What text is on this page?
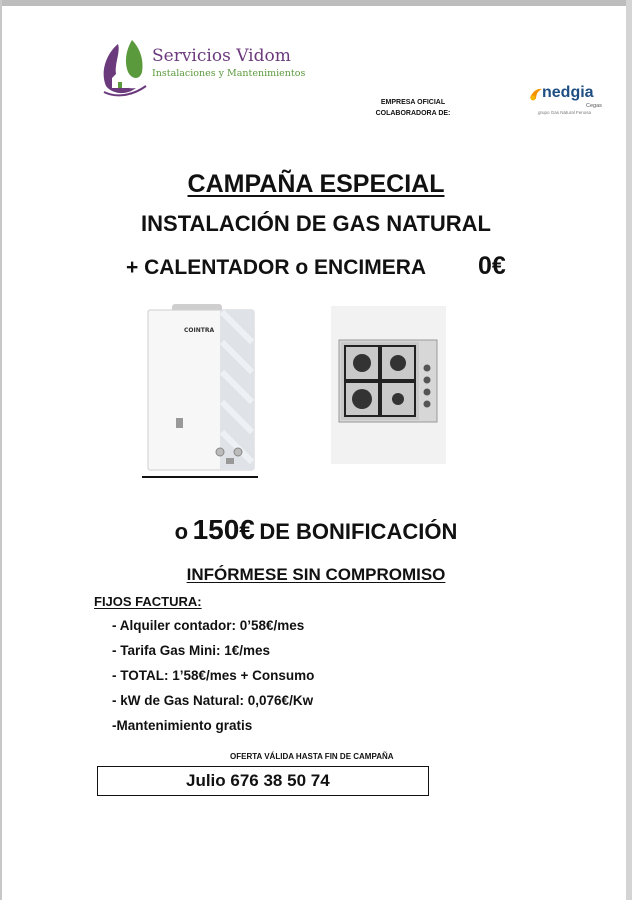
Servicios Vidom
Instalaciones y Mantenimientos
EMPRESA OFICIAL
COLABORADORA DE:
nedgia
Cegas
grupo Gas Natural Fenosa
CAMPAÑA ESPECIAL
INSTALACIÓN DE GAS NATURAL
+ CALENTADOR o ENCIMERA 0€
COINTRA
o 150€ DE BONIFICACIÓN
INFÓRMESE SIN COMPROMISO
FIJOS FACTURA:
- Alquiler contador: 0’58€/mes
- Tarifa Gas Mini: 1€/mes
- TOTAL: 1’58€/mes + Consumo
- kW de Gas Natural: 0,076€/Kw
-Mantenimiento gratis
OFERTA VÁLIDA HASTA FIN DE CAMPAÑA
Julio 676 38 50 74
